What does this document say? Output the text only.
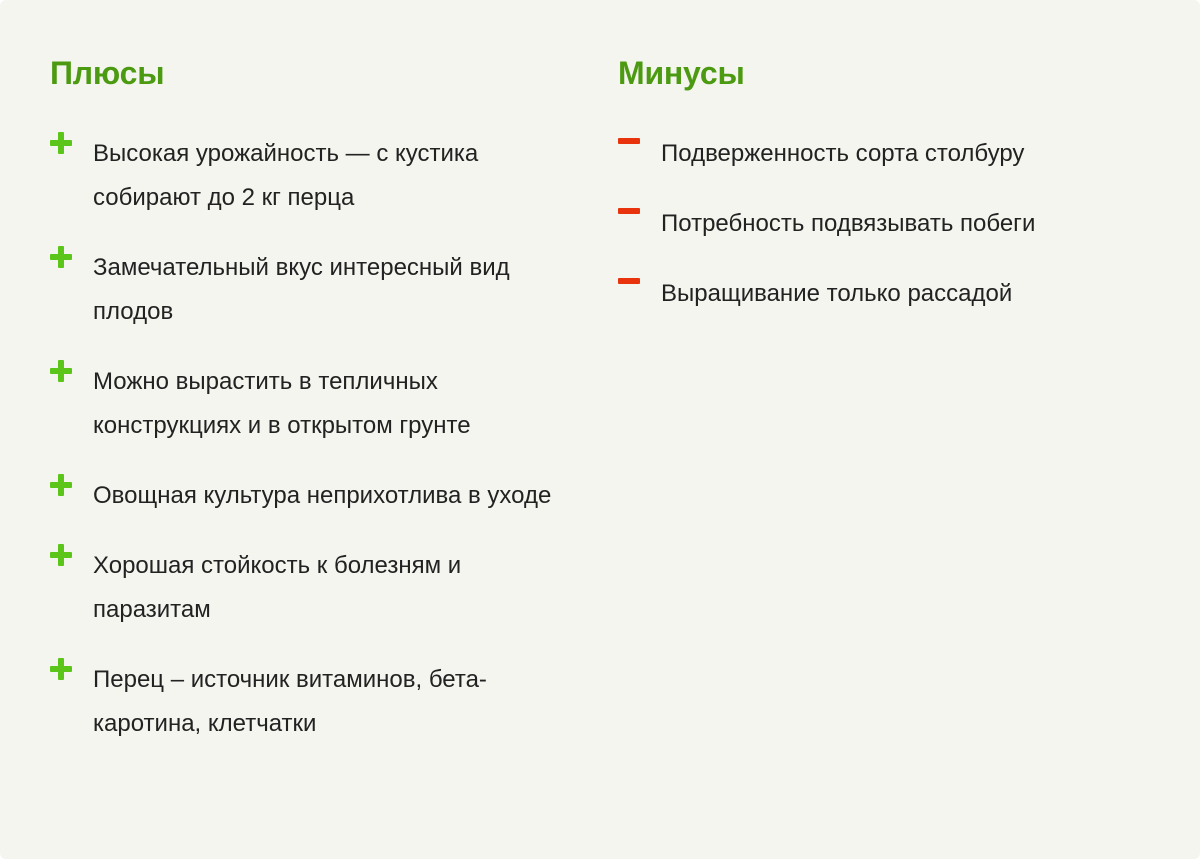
Плюсы
Высокая урожайность — с кустика собирают до 2 кг перца
Замечательный вкус интересный вид плодов
Можно вырастить в тепличных конструкциях и в открытом грунте
Овощная культура неприхотлива в уходе
Хорошая стойкость к болезням и паразитам
Перец – источник витаминов, бета-каротина, клетчатки
Минусы
Подверженность сорта столбуру
Потребность подвязывать побеги
Выращивание только рассадой
